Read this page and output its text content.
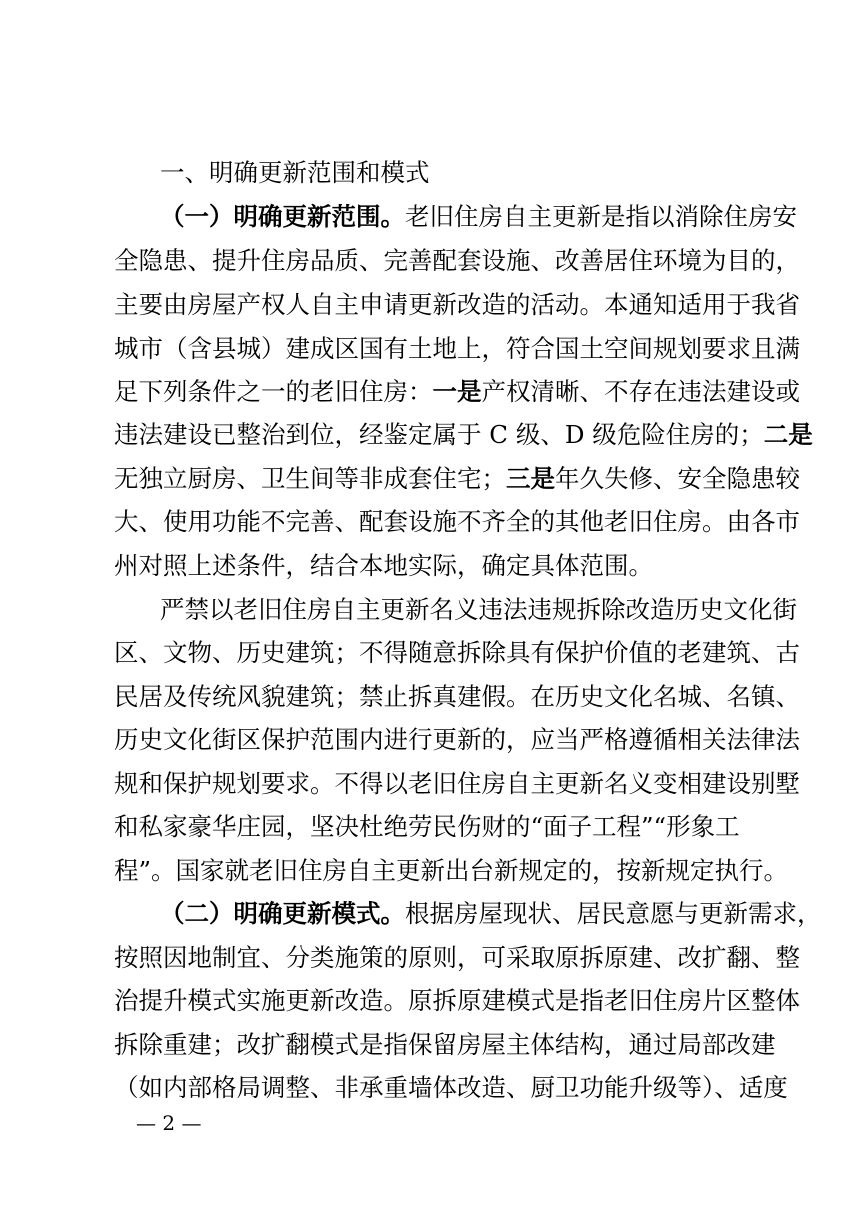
一、明确更新范围和模式
（一）明确更新范围。老旧住房自主更新是指以消除住房安
全隐患、提升住房品质、完善配套设施、改善居住环境为目的，
主要由房屋产权人自主申请更新改造的活动。本通知适用于我省
城市（含县城）建成区国有土地上，符合国土空间规划要求且满
足下列条件之一的老旧住房：一是产权清晰、不存在违法建设或
违法建设已整治到位，经鉴定属于 C 级、D 级危险住房的；二是
无独立厨房、卫生间等非成套住宅；三是年久失修、安全隐患较
大、使用功能不完善、配套设施不齐全的其他老旧住房。由各市
州对照上述条件，结合本地实际，确定具体范围。
严禁以老旧住房自主更新名义违法违规拆除改造历史文化街
区、文物、历史建筑；不得随意拆除具有保护价值的老建筑、古
民居及传统风貌建筑；禁止拆真建假。在历史文化名城、名镇、
历史文化街区保护范围内进行更新的，应当严格遵循相关法律法
规和保护规划要求。不得以老旧住房自主更新名义变相建设别墅
和私家豪华庄园，坚决杜绝劳民伤财的“面子工程”“形象工
程”。国家就老旧住房自主更新出台新规定的，按新规定执行。
（二）明确更新模式。根据房屋现状、居民意愿与更新需求，
按照因地制宜、分类施策的原则，可采取原拆原建、改扩翻、整
治提升模式实施更新改造。原拆原建模式是指老旧住房片区整体
拆除重建；改扩翻模式是指保留房屋主体结构，通过局部改建
（如内部格局调整、非承重墙体改造、厨卫功能升级等）、适度
— 2 —
